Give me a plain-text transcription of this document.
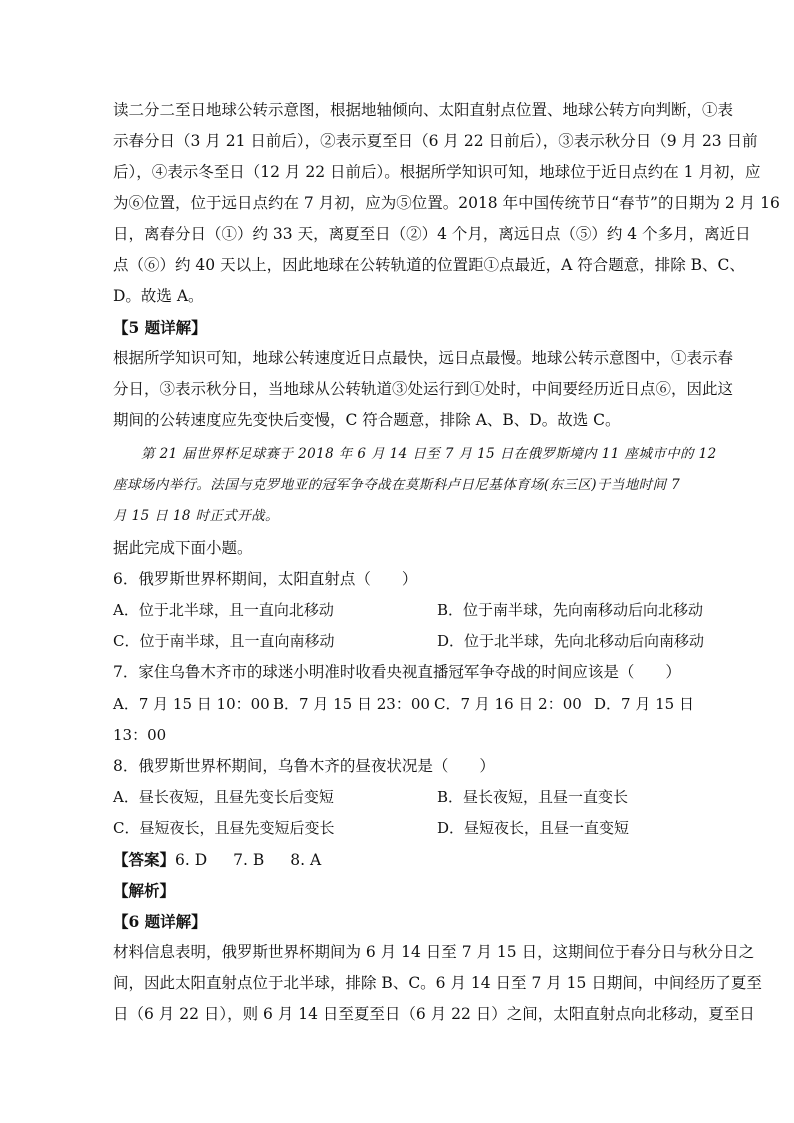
读二分二至日地球公转示意图，根据地轴倾向、太阳直射点位置、地球公转方向判断，①表
示春分日（3 月 21 日前后），②表示夏至日（6 月 22 日前后），③表示秋分日（9 月 23 日前
后），④表示冬至日（12 月 22 日前后）。根据所学知识可知，地球位于近日点约在 1 月初，应
为⑥位置，位于远日点约在 7 月初，应为⑤位置。2018 年中国传统节日“春节”的日期为 2 月 16
日，离春分日（①）约 33 天，离夏至日（②）4 个月，离远日点（⑤）约 4 个多月，离近日
点（⑥）约 40 天以上，因此地球在公转轨道的位置距①点最近，A 符合题意，排除 B、C、
D。故选 A。
【5 题详解】
根据所学知识可知，地球公转速度近日点最快，远日点最慢。地球公转示意图中，①表示春
分日，③表示秋分日，当地球从公转轨道③处运行到①处时，中间要经历近日点⑥，因此这
期间的公转速度应先变快后变慢，C 符合题意，排除 A、B、D。故选 C。
第 21 届世界杯足球赛于 2018 年 6 月 14 日至 7 月 15 日在俄罗斯境内 11 座城市中的 12
座球场内举行。法国与克罗地亚的冠军争夺战在莫斯科卢日尼基体育场(东三区)于当地时间 7
月 15 日 18 时正式开战。
据此完成下面小题。
6．俄罗斯世界杯期间，太阳直射点（　　）
A．位于北半球，且一直向北移动	B．位于南半球，先向南移动后向北移动
C．位于南半球，且一直向南移动	D．位于北半球，先向北移动后向南移动
7．家住乌鲁木齐市的球迷小明准时收看央视直播冠军争夺战的时间应该是（　　）
A．7 月 15 日 10：00 B．7 月 15 日 23：00 C．7 月 16 日 2：00 D．7 月 15 日
13：00
8．俄罗斯世界杯期间，乌鲁木齐的昼夜状况是（　　）
A．昼长夜短，且昼先变长后变短	B．昼长夜短，且昼一直变长
C．昼短夜长，且昼先变短后变长	D．昼短夜长，且昼一直变短
【答案】6. D 7. B 8. A
【解析】
【6 题详解】
材料信息表明，俄罗斯世界杯期间为 6 月 14 日至 7 月 15 日，这期间位于春分日与秋分日之
间，因此太阳直射点位于北半球，排除 B、C。6 月 14 日至 7 月 15 日期间，中间经历了夏至
日（6 月 22 日），则 6 月 14 日至夏至日（6 月 22 日）之间，太阳直射点向北移动，夏至日
